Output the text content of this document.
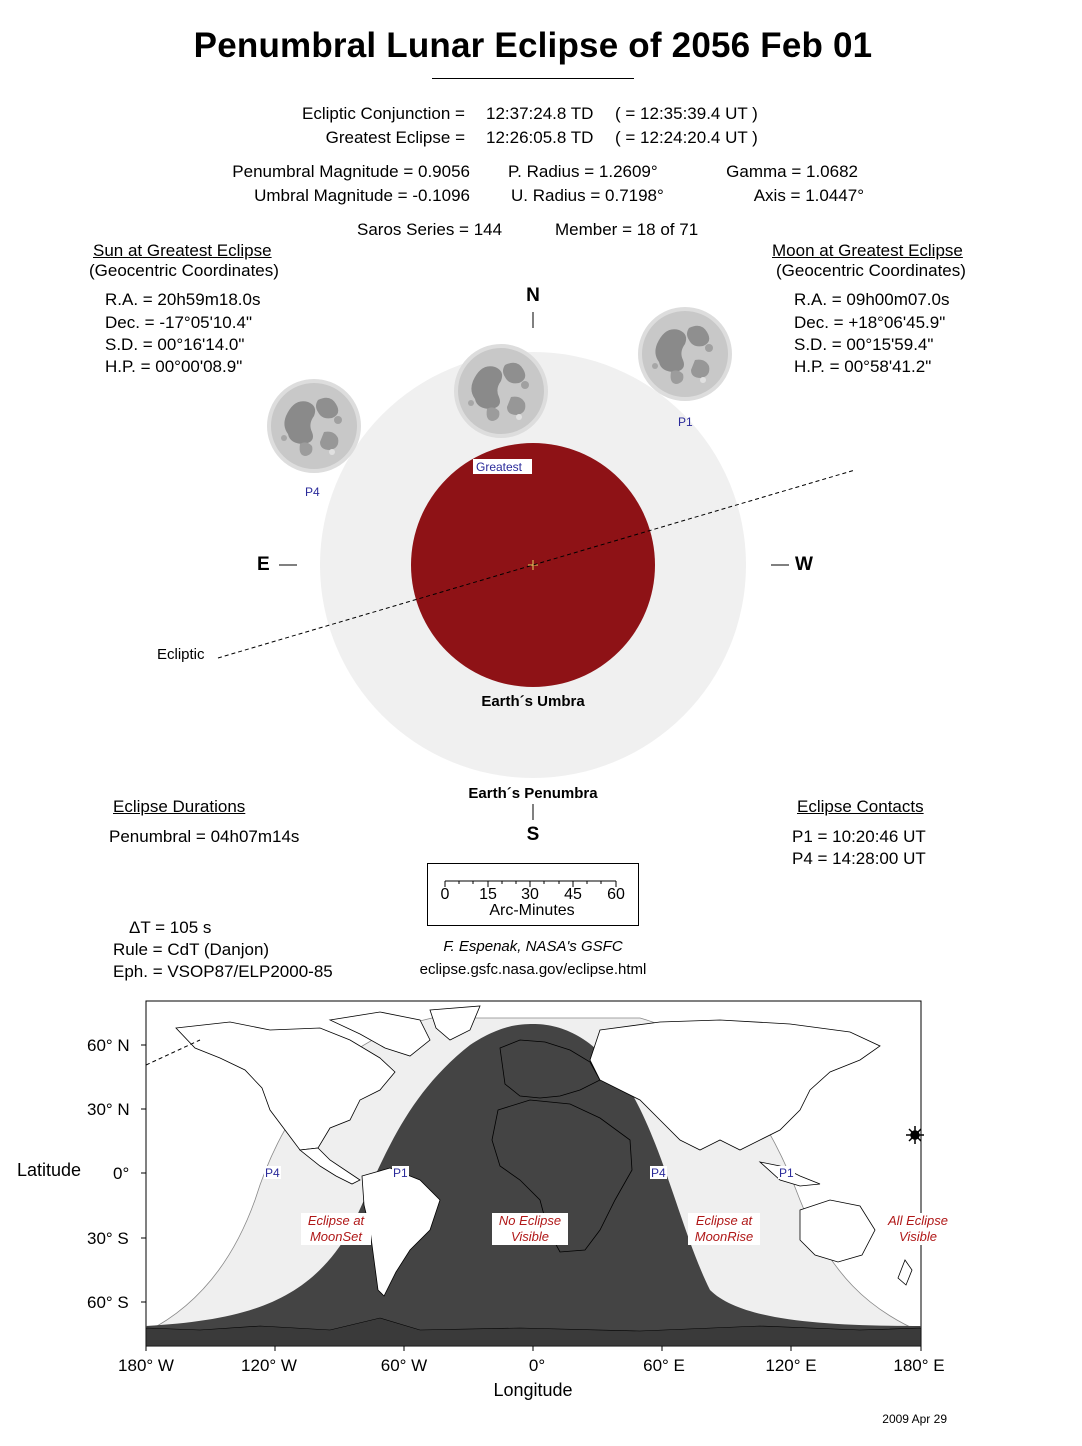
Penumbral Lunar Eclipse of 2056 Feb 01
Ecliptic Conjunction = 12:37:24.8 TD ( = 12:35:39.4 UT )
Greatest Eclipse = 12:26:05.8 TD ( = 12:24:20.4 UT )
Penumbral Magnitude = 0.9056
Umbral Magnitude = -0.1096
P. Radius = 1.2609°
U. Radius = 0.7198°
Gamma = 1.0682
Axis = 1.0447°
Saros Series = 144	Member = 18 of 71
Sun at Greatest Eclipse
(Geocentric Coordinates)
R.A. = 20h59m18.0s
Dec. = -17°05'10.4"
S.D. = 00°16'14.0"
H.P. = 00°00'08.9"
Moon at Greatest Eclipse
(Geocentric Coordinates)
R.A. = 09h00m07.0s
Dec. = +18°06'45.9"
S.D. = 00°15'59.4"
H.P. = 00°58'41.2"
N
S
E	W
P4
P1
Greatest
Ecliptic
Earth´s Umbra
Earth´s Penumbra
Eclipse Durations
Penumbral = 04h07m14s
Eclipse Contacts
P1 = 10:20:46 UT
P4 = 14:28:00 UT
0	15 30 45 60
Arc-Minutes
ΔT = 105 s
Rule = CdT (Danjon)
Eph. = VSOP87/ELP2000-85
F. Espenak, NASA's GSFC
eclipse.gsfc.nasa.gov/eclipse.html
60° N
30° N
0°
30° S
60° S
Latitude
180° W	120° W	60° W	0°	60° E	120° E	180° E
Longitude
P4	P1	P4	P1
Eclipse at
MoonSet
No Eclipse
Visible
Eclipse at
MoonRise
All Eclipse
Visible
2009 Apr 29
